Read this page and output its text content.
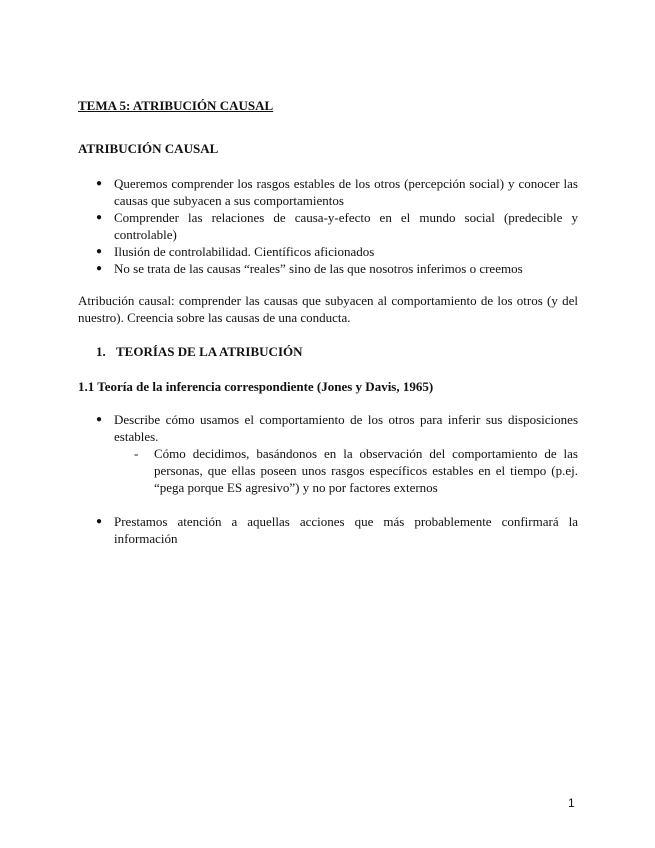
TEMA 5: ATRIBUCIÓN CAUSAL
ATRIBUCIÓN CAUSAL
● Queremos comprender los rasgos estables de los otros (percepción social) y conocer las causas que subyacen a sus comportamientos
● Comprender las relaciones de causa-y-efecto en el mundo social (predecible y controlable)
● Ilusión de controlabilidad. Científicos aficionados
● No se trata de las causas “reales” sino de las que nosotros inferimos o creemos
Atribución causal: comprender las causas que subyacen al comportamiento de los otros (y del nuestro). Creencia sobre las causas de una conducta.
1. TEORÍAS DE LA ATRIBUCIÓN
1.1 Teoría de la inferencia correspondiente (Jones y Davis, 1965)
● Describe cómo usamos el comportamiento de los otros para inferir sus disposiciones estables.
-	Cómo decidimos, basándonos en la observación del comportamiento de las personas, que ellas poseen unos rasgos específicos estables en el tiempo (p.ej. “pega porque ES agresivo”) y no por factores externos
● Prestamos atención a aquellas acciones que más probablemente confirmará la información
1
